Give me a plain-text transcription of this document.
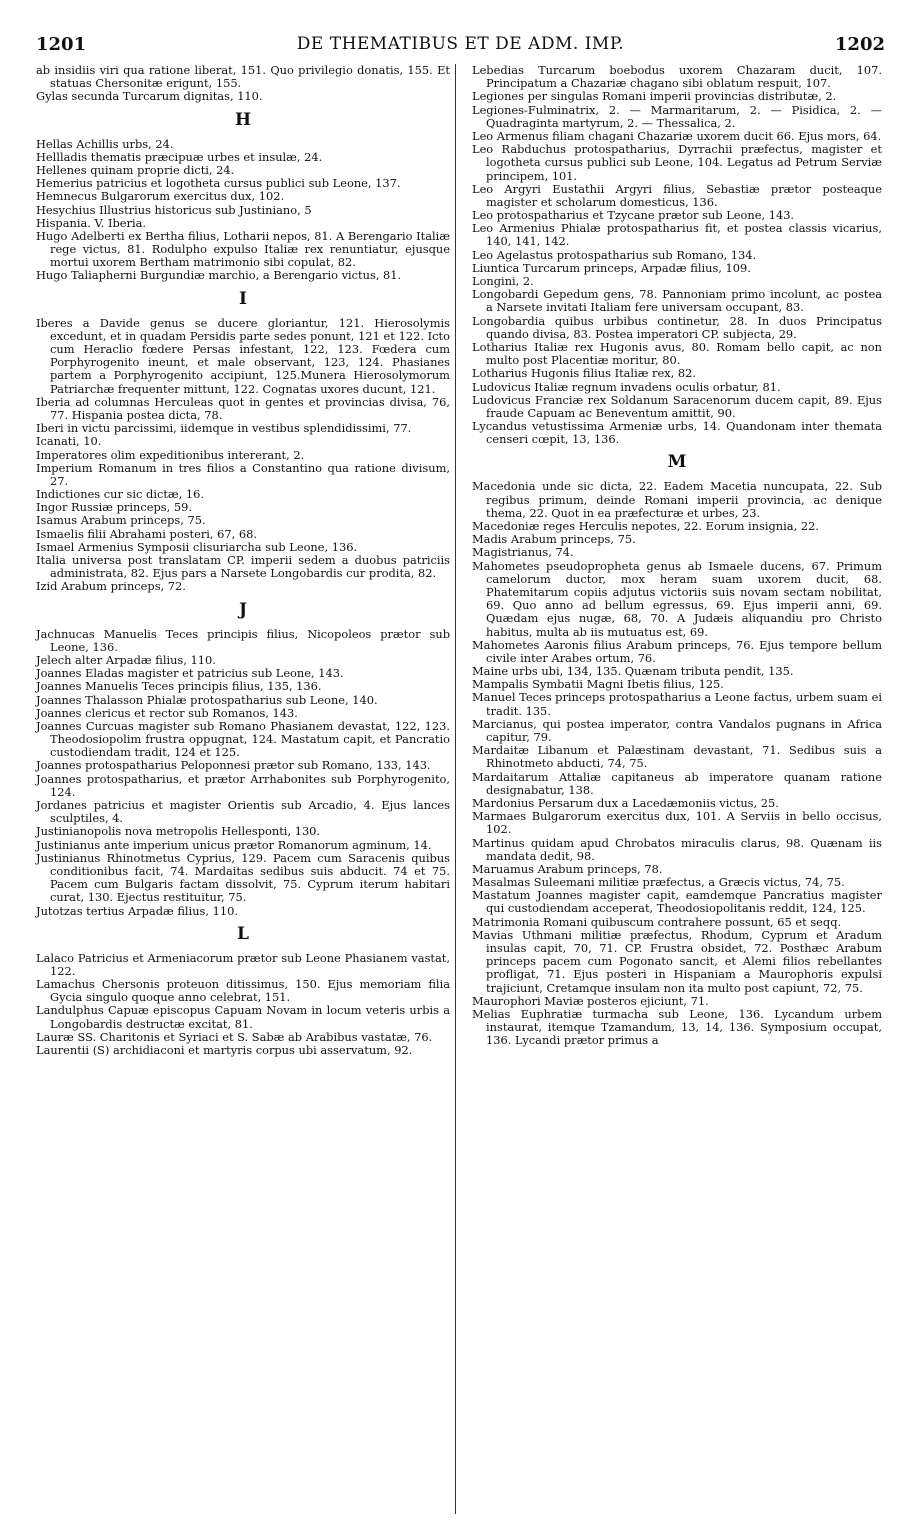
1201	DE THEMATIBUS ET DE ADM. IMP.	1202

ab insidiis viri qua ratione liberat, 151. Quo privilegio donatis, 155. Et statuas Chersonitæ erigunt, 155.

Gylas secunda Turcarum dignitas, 110.

H

Hellas Achillis urbs, 24.

Hellladis thematis præcipuæ urbes et insulæ, 24.

Hellenes quinam proprie dicti, 24.

Hemerius patricius et logotheta cursus publici sub Leone, 137.

Hemnecus Bulgarorum exercitus dux, 102.

Hesychius Illustrius historicus sub Justiniano, 5

Hispania. V. Iberia.

Hugo Adelberti ex Bertha filius, Lotharii nepos, 81. A Berengario Italiæ rege victus, 81. Rodulpho expulso Italiæ rex renuntiatur, ejusque mortui uxorem Bertham matrimonio sibi copulat, 82.

Hugo Taliapherni Burgundiæ marchio, a Berengario victus, 81.

I

Iberes a Davide genus se ducere gloriantur, 121. Hierosolymis excedunt, et in quadam Persidis parte sedes ponunt, 121 et 122. Icto cum Heraclio fœdere Persas infestant, 122, 123. Fœdera cum Porphyrogenito ineunt, et male observant, 123, 124. Phasianes partem a Porphyrogenito accipiunt, 125.Munera Hierosolymorum Patriarchæ frequenter mittunt, 122. Cognatas uxores ducunt, 121.

Iberia ad columnas Herculeas quot in gentes et provincias divisa, 76, 77. Hispania postea dicta, 78.

Iberi in victu parcissimi, iidemque in vestibus splendidissimi, 77.

Icanati, 10.

Imperatores olim expeditionibus intererant, 2.

Imperium Romanum in tres filios a Constantino qua ratione divisum, 27.

Indictiones cur sic dictæ, 16.

Ingor Russiæ princeps, 59.

Isamus Arabum princeps, 75.

Ismaelis filii Abrahami posteri, 67, 68.

Ismael Armenius Symposii clisuriarcha sub Leone, 136.

Italia universa post translatam CP. imperii sedem a duobus patriciis administrata, 82. Ejus pars a Narsete Longobardis cur prodita, 82.

Izid Arabum princeps, 72.

J

Jachnucas Manuelis Teces principis filius, Nicopoleos prætor sub Leone, 136.

Jelech alter Arpadæ filius, 110.

Joannes Eladas magister et patricius sub Leone, 143.

Joannes Manuelis Teces principis filius, 135, 136.

Joannes Thalasson Phialæ protospatharius sub Leone, 140.

Joannes clericus et rector sub Romanos, 143.

Joannes Curcuas magister sub Romano Phasianem devastat, 122, 123. Theodosiopolim frustra oppugnat, 124. Mastatum capit, et Pancratio custodiendam tradit, 124 et 125.

Joannes protospatharius Peloponnesi prætor sub Romano, 133, 143.

Joannes protospatharius, et prætor Arrhabonites sub Porphyrogenito, 124.

Jordanes patricius et magister Orientis sub Arcadio, 4. Ejus lances sculptiles, 4.

Justinianopolis nova metropolis Hellesponti, 130.

Justinianus ante imperium unicus prætor Romanorum agminum, 14.

Justinianus Rhinotmetus Cyprius, 129. Pacem cum Saracenis quibus conditionibus facit, 74. Mardaitas sedibus suis abducit. 74 et 75. Pacem cum Bulgaris factam dissolvit, 75. Cyprum iterum habitari curat, 130. Ejectus restituitur, 75.

Jutotzas tertius Arpadæ filius, 110.

L

Lalaco Patricius et Armeniacorum prætor sub Leone Phasianem vastat, 122.

Lamachus Chersonis proteuon ditissimus, 150. Ejus memoriam filia Gycia singulo quoque anno celebrat, 151.

Landulphus Capuæ episcopus Capuam Novam in locum veteris urbis a Longobardis destructæ excitat, 81.

Lauræ SS. Charitonis et Syriaci et S. Sabæ ab Arabibus vastatæ, 76.

Laurentii (S) archidiaconi et martyris corpus ubi asservatum, 92.

Lebedias Turcarum boebodus uxorem Chazaram ducit, 107. Principatum a Chazariæ chagano sibi oblatum respuit, 107.

Legiones per singulas Romani imperii provincias distributæ, 2.

Legiones-Fulminatrix, 2. — Marmaritarum, 2. — Pisidica, 2. — Quadraginta martyrum, 2. — Thessalica, 2.

Leo Armenus filiam chagani Chazariæ uxorem ducit 66. Ejus mors, 64.

Leo Rabduchus protospatharius, Dyrrachii præfectus, magister et logotheta cursus publici sub Leone, 104. Legatus ad Petrum Serviæ principem, 101.

Leo Argyri Eustathii Argyri filius, Sebastiæ prætor posteaque magister et scholarum domesticus, 136.

Leo protospatharius et Tzycane prætor sub Leone, 143.

Leo Armenius Phialæ protospatharius fit, et postea classis vicarius, 140, 141, 142.

Leo Agelastus protospatharius sub Romano, 134.

Liuntica Turcarum princeps, Arpadæ filius, 109.

Longini, 2.

Longobardi Gepedum gens, 78. Pannoniam primo incolunt, ac postea a Narsete invitati Italiam fere universam occupant, 83.

Longobardia quibus urbibus continetur, 28. In duos Principatus quando divisa, 83. Postea imperatori CP. subjecta, 29.

Lotharius Italiæ rex Hugonis avus, 80. Romam bello capit, ac non multo post Placentiæ moritur, 80.

Lotharius Hugonis filius Italiæ rex, 82.

Ludovicus Italiæ regnum invadens oculis orbatur, 81.

Ludovicus Franciæ rex Soldanum Saracenorum ducem capit, 89. Ejus fraude Capuam ac Beneventum amittit, 90.

Lycandus vetustissima Armeniæ urbs, 14. Quandonam inter themata censeri cœpit, 13, 136.

M

Macedonia unde sic dicta, 22. Eadem Macetia nuncupata, 22. Sub regibus primum, deinde Romani imperii provincia, ac denique thema, 22. Quot in ea præfecturæ et urbes, 23.

Macedoniæ reges Herculis nepotes, 22. Eorum insignia, 22.

Madis Arabum princeps, 75.

Magistrianus, 74.

Mahometes pseudopropheta genus ab Ismaele ducens, 67. Primum camelorum ductor, mox heram suam uxorem ducit, 68. Phatemitarum copiis adjutus victoriis suis novam sectam nobilitat, 69. Quo anno ad bellum egressus, 69. Ejus imperii anni, 69. Quædam ejus nugæ, 68, 70. A Judæis aliquandiu pro Christo habitus, multa ab iis mutuatus est, 69.

Mahometes Aaronis filius Arabum princeps, 76. Ejus tempore bellum civile inter Arabes ortum, 76.

Maine urbs ubi, 134, 135. Quænam tributa pendit, 135.

Mampalis Symbatii Magni Ibetis filius, 125.

Manuel Teces princeps protospatharius a Leone factus, urbem suam ei tradit. 135.

Marcianus, qui postea imperator, contra Vandalos pugnans in Africa capitur, 79.

Mardaitæ Libanum et Palæstinam devastant, 71. Sedibus suis a Rhinotmeto abducti, 74, 75.

Mardaitarum Attaliæ capitaneus ab imperatore quanam ratione designabatur, 138.

Mardonius Persarum dux a Lacedæmoniis victus, 25.

Marmaes Bulgarorum exercitus dux, 101. A Serviis in bello occisus, 102.

Martinus quidam apud Chrobatos miraculis clarus, 98. Quænam iis mandata dedit, 98.

Maruamus Arabum princeps, 78.

Masalmas Suleemani militiæ præfectus, a Græcis victus, 74, 75.

Mastatum Joannes magister capit, eamdemque Pancratius magister qui custodiendam acceperat, Theodosiopolitanis reddit, 124, 125.

Matrimonia Romani quibuscum contrahere possunt, 65 et seqq.

Mavias Uthmani militiæ præfectus, Rhodum, Cyprum et Aradum insulas capit, 70, 71. CP. Frustra obsidet, 72. Posthæc Arabum princeps pacem cum Pogonato sancit, et Alemi filios rebellantes profligat, 71. Ejus posteri in Hispaniam a Maurophoris expulsi trajiciunt, Cretamque insulam non ita multo post capiunt, 72, 75.

Maurophori Maviæ posteros ejiciunt, 71.

Melias Euphratiæ turmacha sub Leone, 136. Lycandum urbem instaurat, itemque Tzamandum, 13, 14, 136. Symposium occupat, 136. Lycandi prætor primus a
